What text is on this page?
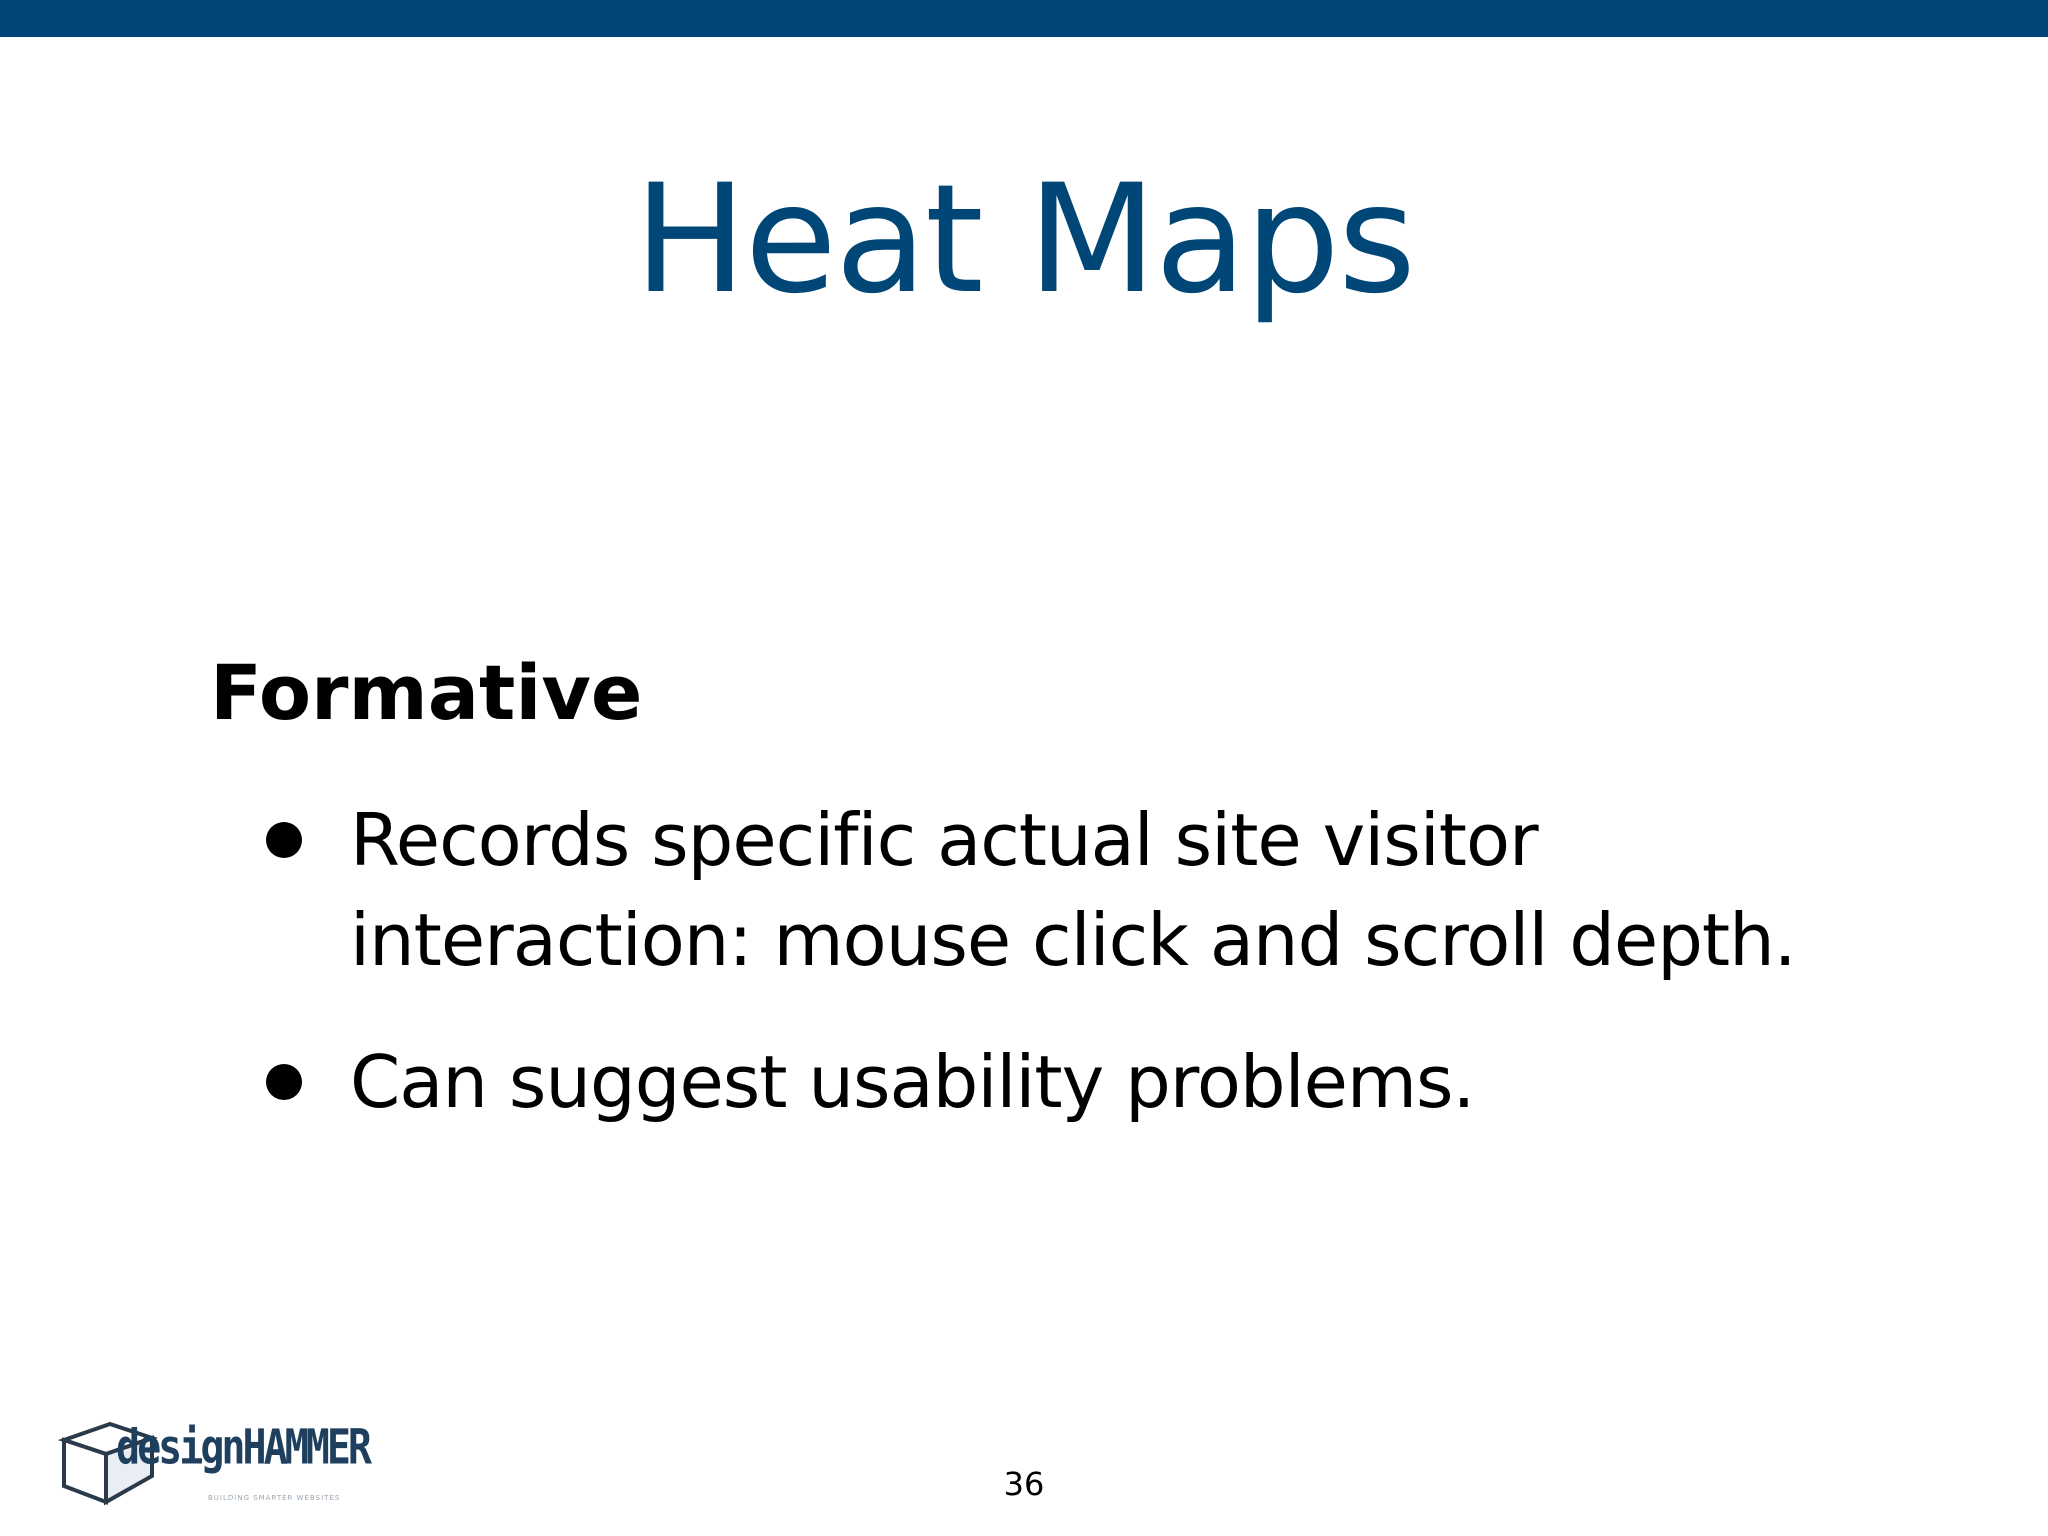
Heat Maps
Formative
Records specific actual site visitor interaction: mouse click and scroll depth.
Can suggest usability problems.
designHAMMER
BUILDING SMARTER WEBSITES	36
